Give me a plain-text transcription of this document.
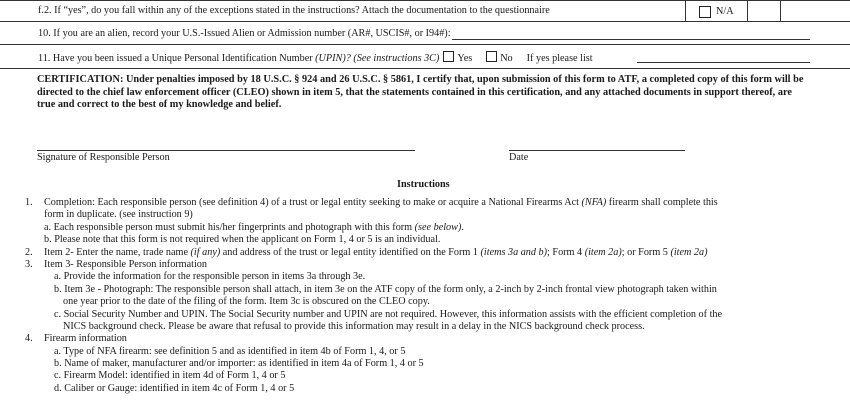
f.2. If “yes”, do you fall within any of the exceptions stated in the instructions? Attach the documentation to the questionnaire	N/A
10. If you are an alien, record your U.S.-Issued Alien or Admission number (AR#, USCIS#, or I94#):
11. Have you been issued a Unique Personal Identification Number (UPIN)? (See instructions 3C) Yes	No If yes please list
CERTIFICATION: Under penalties imposed by 18 U.S.C. § 924 and 26 U.S.C. § 5861, I certify that, upon submission of this form to ATF, a completed copy of this form will be directed to the chief law enforcement officer (CLEO) shown in item 5, that the statements contained in this certification, and any attached documents in support thereof, are true and correct to the best of my knowledge and belief.
Signature of Responsible Person	Date
Instructions
1. Completion: Each responsible person (see definition 4) of a trust or legal entity seeking to make or acquire a National Firearms Act (NFA) firearm shall complete this
form in duplicate. (see instruction 9)
a. Each responsible person must submit his/her fingerprints and photograph with this form (see below).
b. Please note that this form is not required when the applicant on Form 1, 4 or 5 is an individual.
2. Item 2- Enter the name, trade name (if any) and address of the trust or legal entity identified on the Form 1 (items 3a and b); Form 4 (item 2a); or Form 5 (item 2a)
3. Item 3- Responsible Person information
a. Provide the information for the responsible person in items 3a through 3e.
b. Item 3e - Photograph: The responsible person shall attach, in item 3e on the ATF copy of the form only, a 2-inch by 2-inch frontal view photograph taken within
one year prior to the date of the filing of the form. Item 3c is obscured on the CLEO copy.
c. Social Security Number and UPIN. The Social Security number and UPIN are not required. However, this information assists with the efficient completion of the
NICS background check. Please be aware that refusal to provide this information may result in a delay in the NICS background check process.
4. Firearm information
a. Type of NFA firearm: see definition 5 and as identified in item 4b of Form 1, 4, or 5
b. Name of maker, manufacturer and/or importer: as identified in item 4a of Form 1, 4 or 5
c. Firearm Model: identified in item 4d of Form 1, 4 or 5
d. Caliber or Gauge: identified in item 4c of Form 1, 4 or 5
